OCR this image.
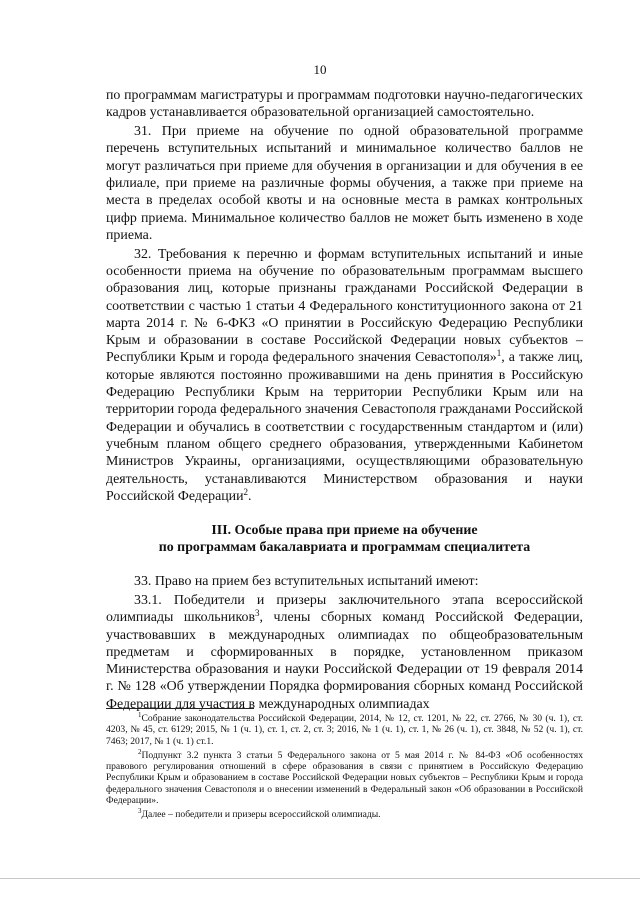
10

по программам магистратуры и программам подготовки научно-педагогических кадров устанавливается образовательной организацией самостоятельно.

31. При приеме на обучение по одной образовательной программе перечень вступительных испытаний и минимальное количество баллов не могут различаться при приеме для обучения в организации и для обучения в ее филиале, при приеме на различные формы обучения, а также при приеме на места в пределах особой квоты и на основные места в рамках контрольных цифр приема. Минимальное количество баллов не может быть изменено в ходе приема.

32. Требования к перечню и формам вступительных испытаний и иные особенности приема на обучение по образовательным программам высшего образования лиц, которые признаны гражданами Российской Федерации в соответствии с частью 1 статьи 4 Федерального конституционного закона от 21 марта 2014 г. № 6-ФКЗ «О принятии в Российскую Федерацию Республики Крым и образовании в составе Российской Федерации новых субъектов – Республики Крым и города федерального значения Севастополя»$^1$, а также лиц, которые являются постоянно проживавшими на день принятия в Российскую Федерацию Республики Крым на территории Республики Крым или на территории города федерального значения Севастополя гражданами Российской Федерации и обучались в соответствии с государственным стандартом и (или) учебным планом общего среднего образования, утвержденными Кабинетом Министров Украины, организациями, осуществляющими образовательную деятельность, устанавливаются Министерством образования и науки Российской Федерации$^2$.

III. Особые права при приеме на обучение
по программам бакалавриата и программам специалитета

33. Право на прием без вступительных испытаний имеют:

33.1. Победители и призеры заключительного этапа всероссийской олимпиады школьников$^3$, члены сборных команд Российской Федерации, участвовавших в международных олимпиадах по общеобразовательным предметам и сформированных в порядке, установленном приказом Министерства образования и науки Российской Федерации от 19 февраля 2014 г. № 128 «Об утверждении Порядка формирования сборных команд Российской Федерации для участия в международных олимпиадах

$^1$Собрание законодательства Российской Федерации, 2014, № 12, ст. 1201, № 22, ст. 2766, № 30 (ч. 1), ст. 4203, № 45, ст. 6129; 2015, № 1 (ч. 1), ст. 1, ст. 2, ст. 3; 2016, № 1 (ч. 1), ст. 1, № 26 (ч. 1), ст. 3848, № 52 (ч. 1), ст. 7463; 2017, № 1 (ч. 1) ст.1.

$^2$Подпункт 3.2 пункта 3 статьи 5 Федерального закона от 5 мая 2014 г. № 84-ФЗ «Об особенностях правового регулирования отношений в сфере образования в связи с принятием в Российскую Федерацию Республики Крым и образованием в составе Российской Федерации новых субъектов – Республики Крым и города федерального значения Севастополя и о внесении изменений в Федеральный закон «Об образовании в Российской Федерации».

$^3$Далее – победители и призеры всероссийской олимпиады.
